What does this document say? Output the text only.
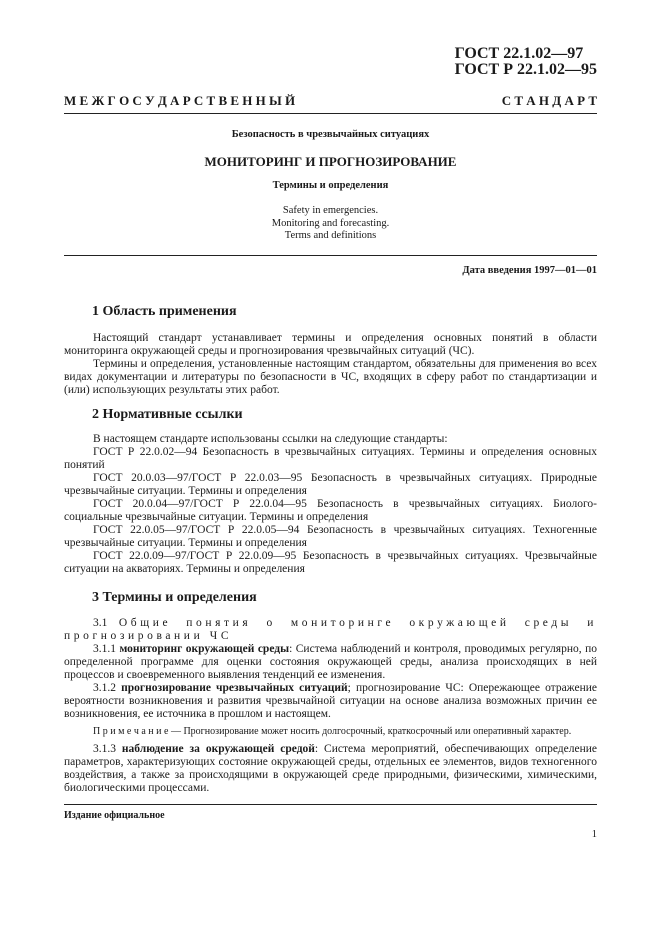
ГОСТ 22.1.02—97
ГОСТ Р 22.1.02—95
М Е Ж Г О С У Д А Р С Т В Е Н Н Ы Й	С Т А Н Д А Р Т
Безопасность в чрезвычайных ситуациях
МОНИТОРИНГ И ПРОГНОЗИРОВАНИЕ
Термины и определения
Safety in emergencies.
Monitoring and forecasting.
Terms and definitions
Дата введения 1997—01—01
1 Область применения

Настоящий стандарт устанавливает термины и определения основных понятий в области мониторинга окружающей среды и прогнозирования чрезвычайных ситуаций (ЧС).

Термины и определения, установленные настоящим стандартом, обязательны для применения во всех видах документации и литературы по безопасности в ЧС, входящих в сферу работ по стандартизации и (или) использующих результаты этих работ.

2 Нормативные ссылки

В настоящем стандарте использованы ссылки на следующие стандарты:

ГОСТ Р 22.0.02—94 Безопасность в чрезвычайных ситуациях. Термины и определения основных понятий

ГОСТ 20.0.03—97/ГОСТ Р 22.0.03—95 Безопасность в чрезвычайных ситуациях. Природные чрезвычайные ситуации. Термины и определения

ГОСТ 20.0.04—97/ГОСТ Р 22.0.04—95 Безопасность в чрезвычайных ситуациях. Биолого-социальные чрезвычайные ситуации. Термины и определения

ГОСТ 22.0.05—97/ГОСТ Р 22.0.05—94 Безопасность в чрезвычайных ситуациях. Техногенные чрезвычайные ситуации. Термины и определения

ГОСТ 22.0.09—97/ГОСТ Р 22.0.09—95 Безопасность в чрезвычайных ситуациях. Чрезвычайные ситуации на акваториях. Термины и определения

3 Термины и определения

3.1 Общие понятия о мониторинге окружающей среды и прогнозировании ЧС

3.1.1 мониторинг окружающей среды: Система наблюдений и контроля, проводимых регулярно, по определенной программе для оценки состояния окружающей среды, анализа происходящих в ней процессов и своевременного выявления тенденций ее изменения.

3.1.2 прогнозирование чрезвычайных ситуаций; прогнозирование ЧС: Опережающее отражение вероятности возникновения и развития чрезвычайной ситуации на основе анализа возможных причин ее возникновения, ее источника в прошлом и настоящем.

П р и м е ч а н и е — Прогнозирование может носить долгосрочный, краткосрочный или оперативный характер.

3.1.3 наблюдение за окружающей средой: Система мероприятий, обеспечивающих определение параметров, характеризующих состояние окружающей среды, отдельных ее элементов, видов техногенного воздействия, а также за происходящими в окружающей среде природными, физическими, химическими, биологическими процессами.

Издание официальное
1
